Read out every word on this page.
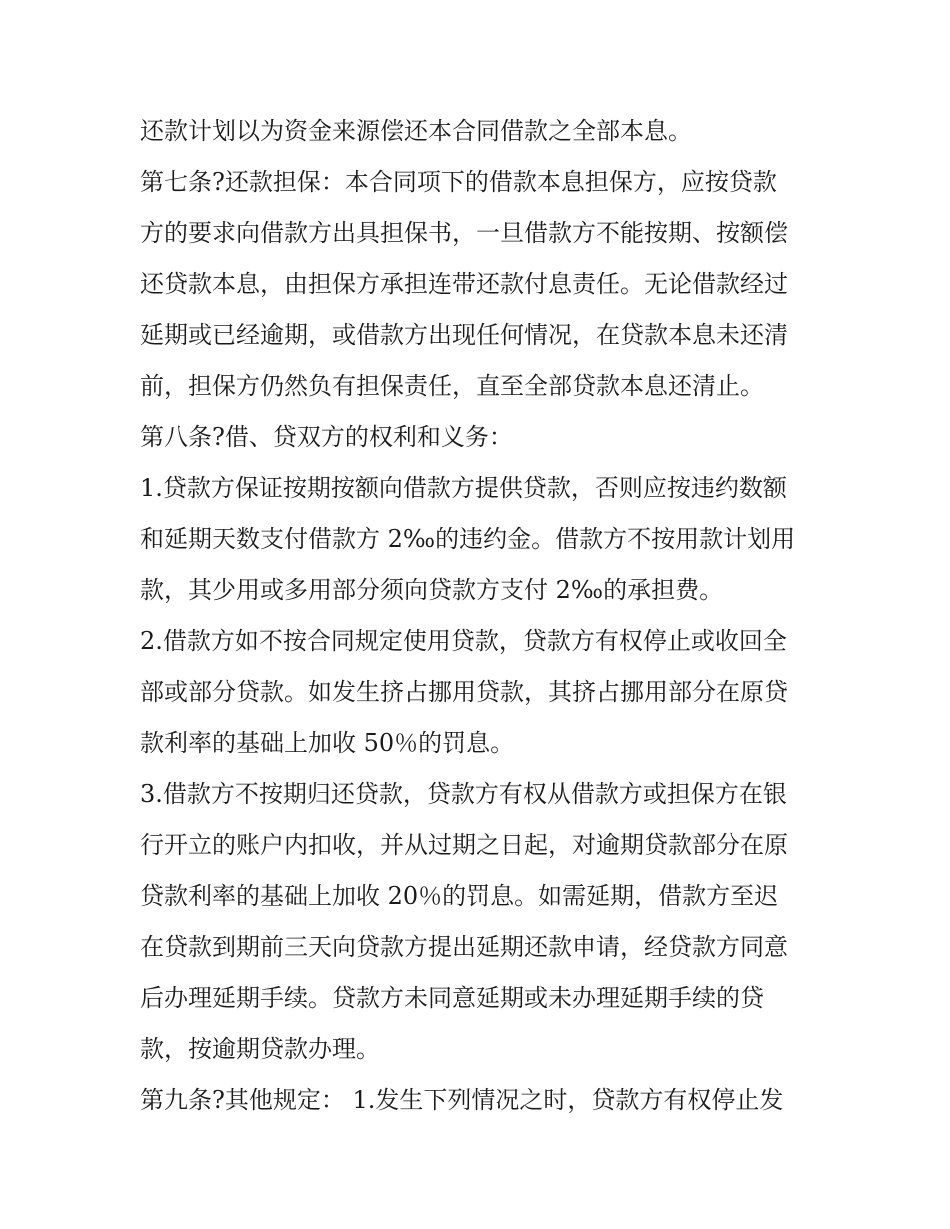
还款计划以为资金来源偿还本合同借款之全部本息。
第七条?还款担保：本合同项下的借款本息担保方，应按贷款
方的要求向借款方出具担保书，一旦借款方不能按期、按额偿
还贷款本息，由担保方承担连带还款付息责任。无论借款经过
延期或已经逾期，或借款方出现任何情况，在贷款本息未还清
前，担保方仍然负有担保责任，直至全部贷款本息还清止。
第八条?借、贷双方的权利和义务：
1.贷款方保证按期按额向借款方提供贷款，否则应按违约数额
和延期天数支付借款方 2‰的违约金。借款方不按用款计划用
款，其少用或多用部分须向贷款方支付 2‰的承担费。
2.借款方如不按合同规定使用贷款，贷款方有权停止或收回全
部或部分贷款。如发生挤占挪用贷款，其挤占挪用部分在原贷
款利率的基础上加收 50％的罚息。
3.借款方不按期归还贷款，贷款方有权从借款方或担保方在银
行开立的账户内扣收，并从过期之日起，对逾期贷款部分在原
贷款利率的基础上加收 20％的罚息。如需延期，借款方至迟
在贷款到期前三天向贷款方提出延期还款申请，经贷款方同意
后办理延期手续。贷款方未同意延期或未办理延期手续的贷
款，按逾期贷款办理。
第九条?其他规定： 1.发生下列情况之时，贷款方有权停止发
